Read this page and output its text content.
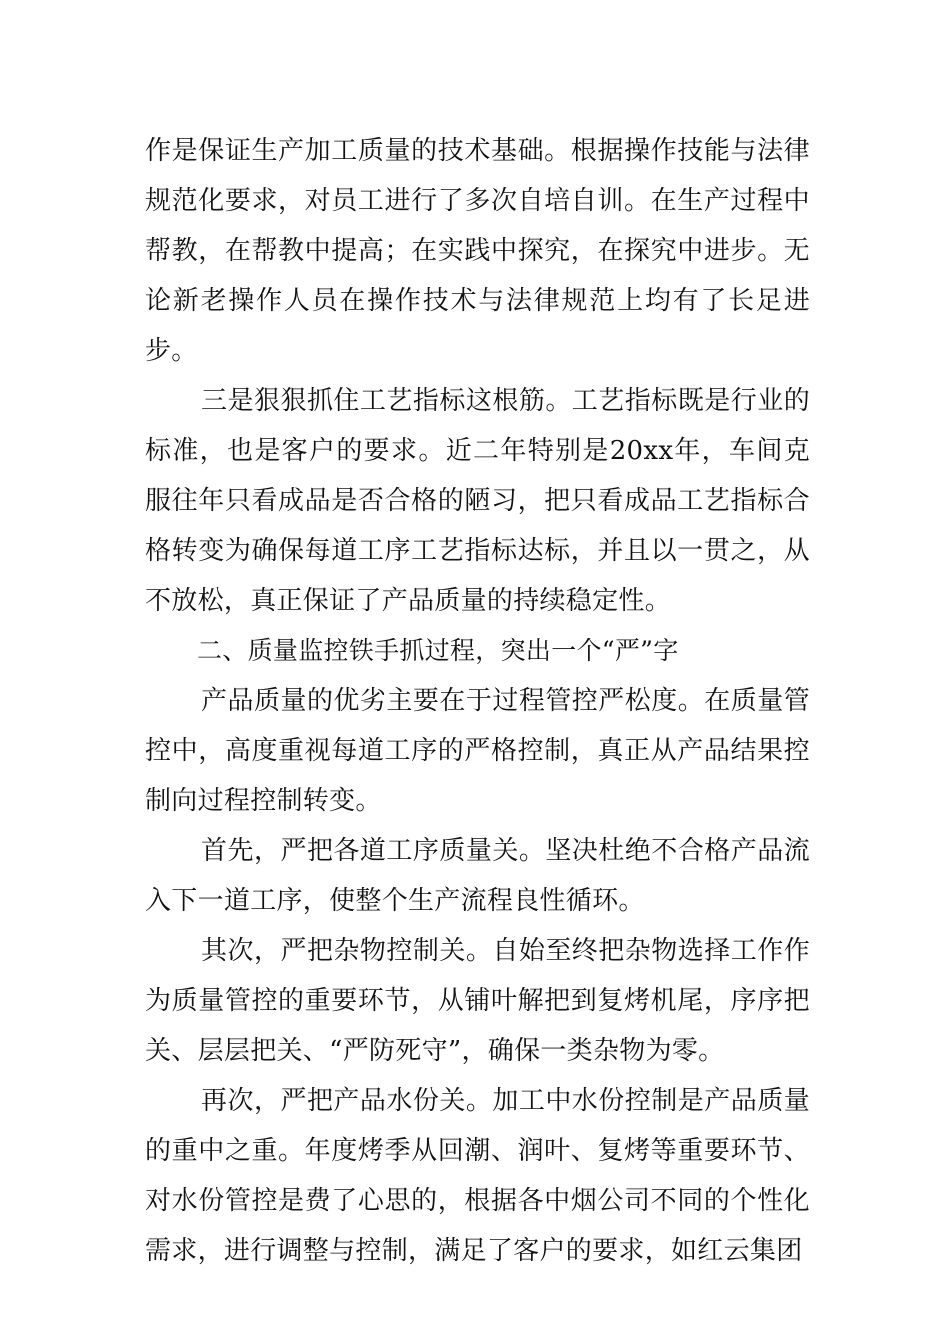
作是保证生产加工质量的技术基础。根据操作技能与法律规范化要求，对员工进行了多次自培自训。在生产过程中帮教，在帮教中提高；在实践中探究，在探究中进步。无论新老操作人员在操作技术与法律规范上均有了长足进步。

三是狠狠抓住工艺指标这根筋。工艺指标既是行业的标准，也是客户的要求。近二年特别是20xx年，车间克服往年只看成品是否合格的陋习，把只看成品工艺指标合格转变为确保每道工序工艺指标达标，并且以一贯之，从不放松，真正保证了产品质量的持续稳定性。

二、质量监控铁手抓过程，突出一个“严”字

产品质量的优劣主要在于过程管控严松度。在质量管控中，高度重视每道工序的严格控制，真正从产品结果控制向过程控制转变。

首先，严把各道工序质量关。坚决杜绝不合格产品流入下一道工序，使整个生产流程良性循环。

其次，严把杂物控制关。自始至终把杂物选择工作作为质量管控的重要环节，从铺叶解把到复烤机尾，序序把关、层层把关、“严防死守”，确保一类杂物为零。

再次，严把产品水份关。加工中水份控制是产品质量的重中之重。年度烤季从回潮、润叶、复烤等重要环节、对水份管控是费了心思的，根据各中烟公司不同的个性化需求，进行调整与控制，满足了客户的要求，如红云集团
